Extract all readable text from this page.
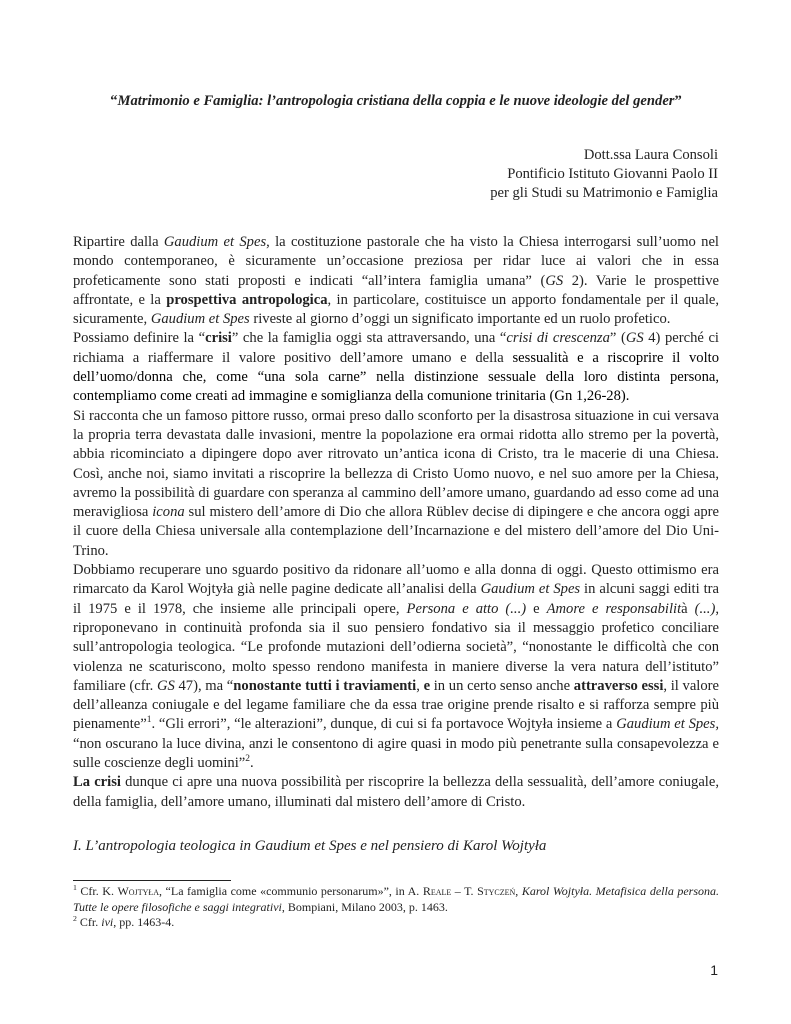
“Matrimonio e Famiglia: l’antropologia cristiana della coppia e le nuove ideologie del gender”
Dott.ssa Laura Consoli
Pontificio Istituto Giovanni Paolo II
per gli Studi su Matrimonio e Famiglia

Ripartire dalla Gaudium et Spes, la costituzione pastorale che ha visto la Chiesa interrogarsi sull’uomo nel mondo contemporaneo, è sicuramente un’occasione preziosa per ridar luce ai valori che in essa profeticamente sono stati proposti e indicati “all’intera famiglia umana” (GS 2). Varie le prospettive affrontate, e la prospettiva antropologica, in particolare, costituisce un apporto fondamentale per il quale, sicuramente, Gaudium et Spes riveste al giorno d’oggi un significato importante ed un ruolo profetico.

Possiamo definire la “crisi” che la famiglia oggi sta attraversando, una “crisi di crescenza” (GS 4) perché ci richiama a riaffermare il valore positivo dell’amore umano e della sessualità e a riscoprire il volto dell’uomo/donna che, come “una sola carne” nella distinzione sessuale della loro distinta persona, contempliamo come creati ad immagine e somiglianza della comunione trinitaria (Gn 1,26-28).

Si racconta che un famoso pittore russo, ormai preso dallo sconforto per la disastrosa situazione in cui versava la propria terra devastata dalle invasioni, mentre la popolazione era ormai ridotta allo stremo per la povertà, abbia ricominciato a dipingere dopo aver ritrovato un’antica icona di Cristo, tra le macerie di una Chiesa. Così, anche noi, siamo invitati a riscoprire la bellezza di Cristo Uomo nuovo, e nel suo amore per la Chiesa, avremo la possibilità di guardare con speranza al cammino dell’amore umano, guardando ad esso come ad una meravigliosa icona sul mistero dell’amore di Dio che allora Rüblev decise di dipingere e che ancora oggi apre il cuore della Chiesa universale alla contemplazione dell’Incarnazione e del mistero dell’amore del Dio Uni-Trino.

Dobbiamo recuperare uno sguardo positivo da ridonare all’uomo e alla donna di oggi. Questo ottimismo era rimarcato da Karol Wojtyła già nelle pagine dedicate all’analisi della Gaudium et Spes in alcuni saggi editi tra il 1975 e il 1978, che insieme alle principali opere, Persona e atto (...) e Amore e responsabilità (...), riproponevano in continuità profonda sia il suo pensiero fondativo sia il messaggio profetico conciliare sull’antropologia teologica. “Le profonde mutazioni dell’odierna società”, “nonostante le difficoltà che con violenza ne scaturiscono, molto spesso rendono manifesta in maniere diverse la vera natura dell’istituto” familiare (cfr. GS 47), ma “nonostante tutti i traviamenti, e in un certo senso anche attraverso essi, il valore dell’alleanza coniugale e del legame familiare che da essa trae origine prende risalto e si rafforza sempre più pienamente”$^1$. “Gli errori”, “le alterazioni”, dunque, di cui si fa portavoce Wojtyła insieme a Gaudium et Spes, “non oscurano la luce divina, anzi le consentono di agire quasi in modo più penetrante sulla consapevolezza e sulle coscienze degli uomini”$^2$.

La crisi dunque ci apre una nuova possibilità per riscoprire la bellezza della sessualità, dell’amore coniugale, della famiglia, dell’amore umano, illuminati dal mistero dell’amore di Cristo.

I. L’antropologia teologica in Gaudium et Spes e nel pensiero di Karol Wojtyła

$^1$ Cfr. K. Wojtyła, “La famiglia come «communio personarum»”, in A. Reale – T. Styczeń, Karol Wojtyła. Metafisica della persona. Tutte le opere filosofiche e saggi integrativi, Bompiani, Milano 2003, p. 1463.

$^2$ Cfr. ivi, pp. 1463-4.

1
